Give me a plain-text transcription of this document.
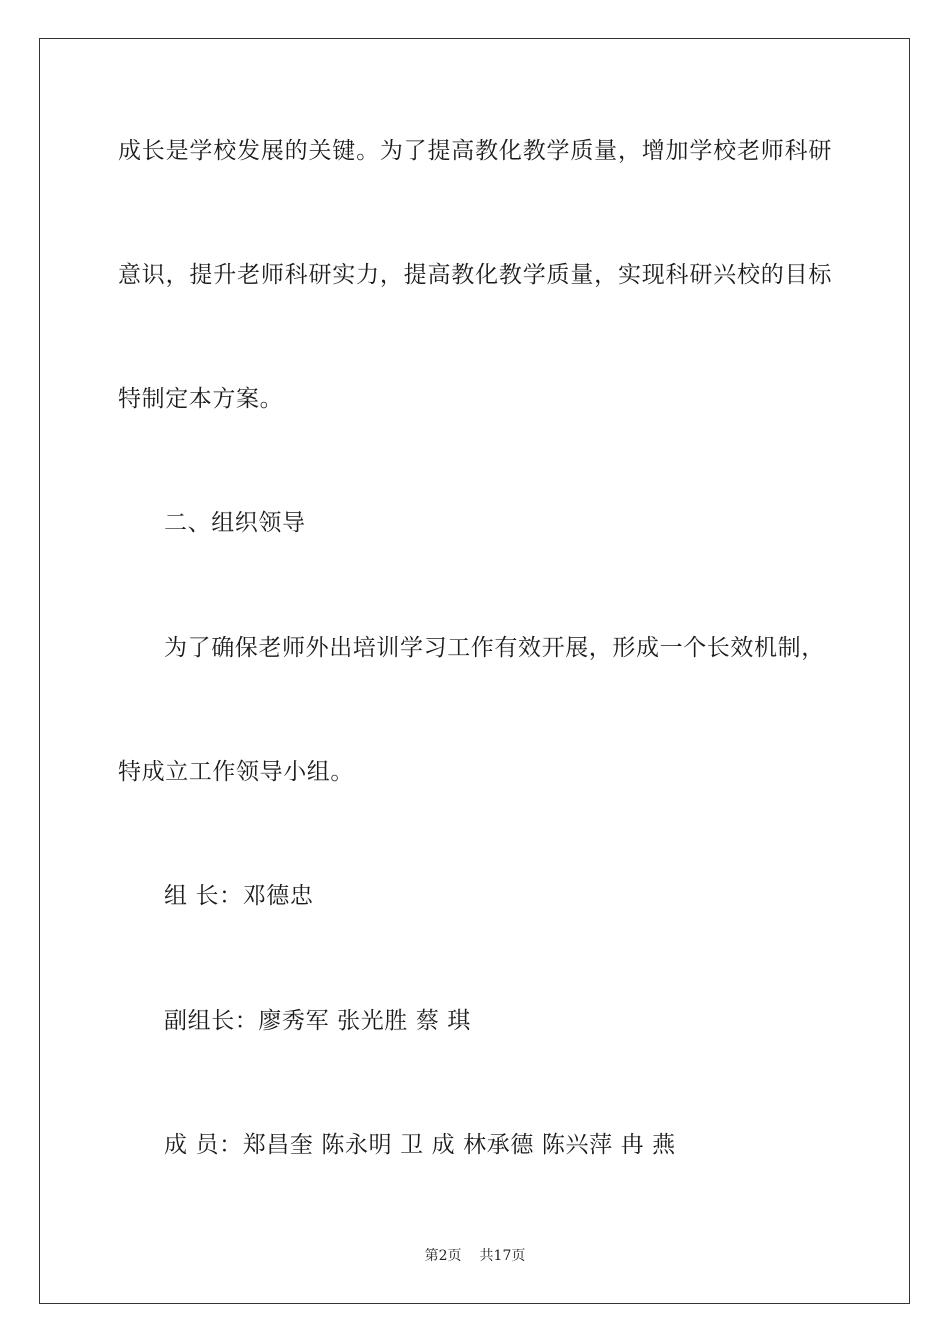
成长是学校发展的关键。为了提高教化教学质量，增加学校老师科研
意识，提升老师科研实力，提高教化教学质量，实现科研兴校的目标
特制定本方案。
二、组织领导
为了确保老师外出培训学习工作有效开展，形成一个长效机制，
特成立工作领导小组。
组 长：邓德忠
副组长：廖秀军 张光胜 蔡 琪
成 员：郑昌奎 陈永明 卫 成 林承德 陈兴萍 冉 燕
第2页 共17页
